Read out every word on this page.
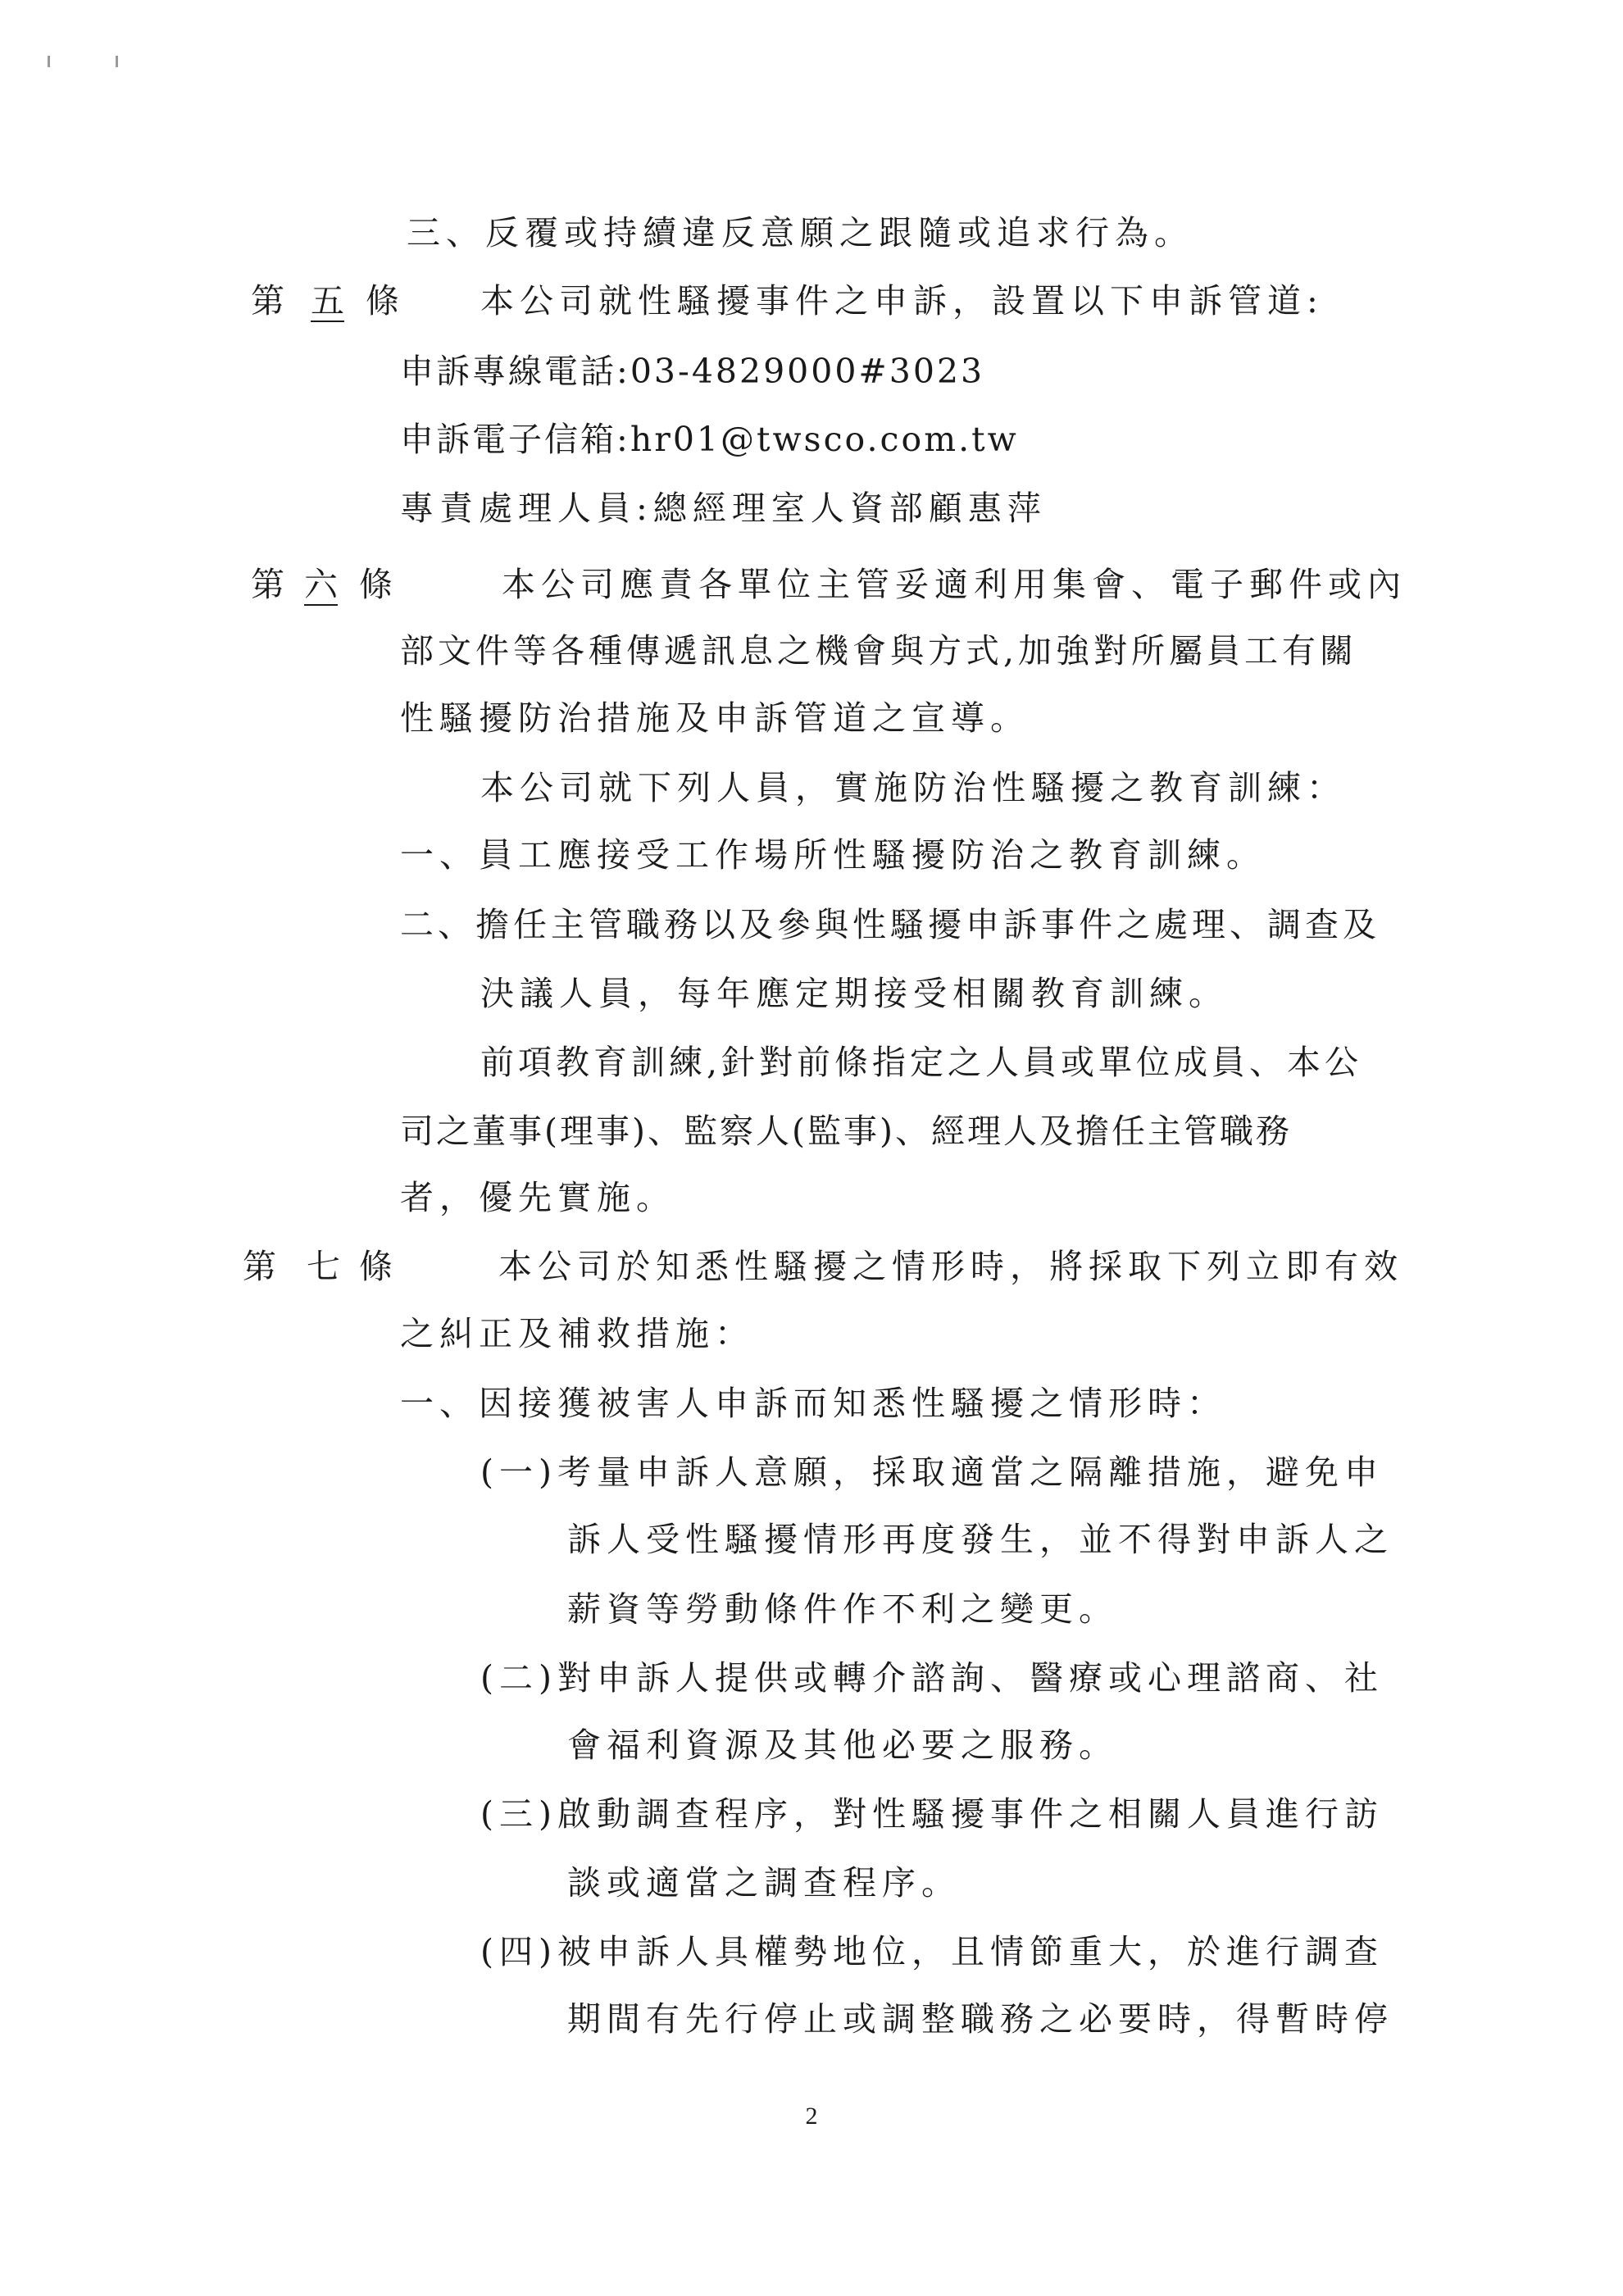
第 五 條
第 六 條
第 七 條
三、反覆或持續違反意願之跟隨或追求行為。
本公司就性騷擾事件之申訴，設置以下申訴管道:
申訴專線電話:03-4829000#3023
申訴電子信箱:hr01@twsco.com.tw
專責處理人員:總經理室人資部顧惠萍
本公司應責各單位主管妥適利用集會、電子郵件或內
部文件等各種傳遞訊息之機會與方式,加強對所屬員工有關
性騷擾防治措施及申訴管道之宣導。
本公司就下列人員，實施防治性騷擾之教育訓練：
一、員工應接受工作場所性騷擾防治之教育訓練。
二、擔任主管職務以及參與性騷擾申訴事件之處理、調查及
決議人員，每年應定期接受相關教育訓練。
前項教育訓練,針對前條指定之人員或單位成員、本公
司之董事(理事)、監察人(監事)、經理人及擔任主管職務
者，優先實施。
本公司於知悉性騷擾之情形時，將採取下列立即有效
之糾正及補救措施：
一、因接獲被害人申訴而知悉性騷擾之情形時：
(一)考量申訴人意願，採取適當之隔離措施，避免申
訴人受性騷擾情形再度發生，並不得對申訴人之
薪資等勞動條件作不利之變更。
(二)對申訴人提供或轉介諮詢、醫療或心理諮商、社
會福利資源及其他必要之服務。
(三)啟動調查程序，對性騷擾事件之相關人員進行訪
談或適當之調查程序。
(四)被申訴人具權勢地位，且情節重大，於進行調查
期間有先行停止或調整職務之必要時，得暫時停
2
